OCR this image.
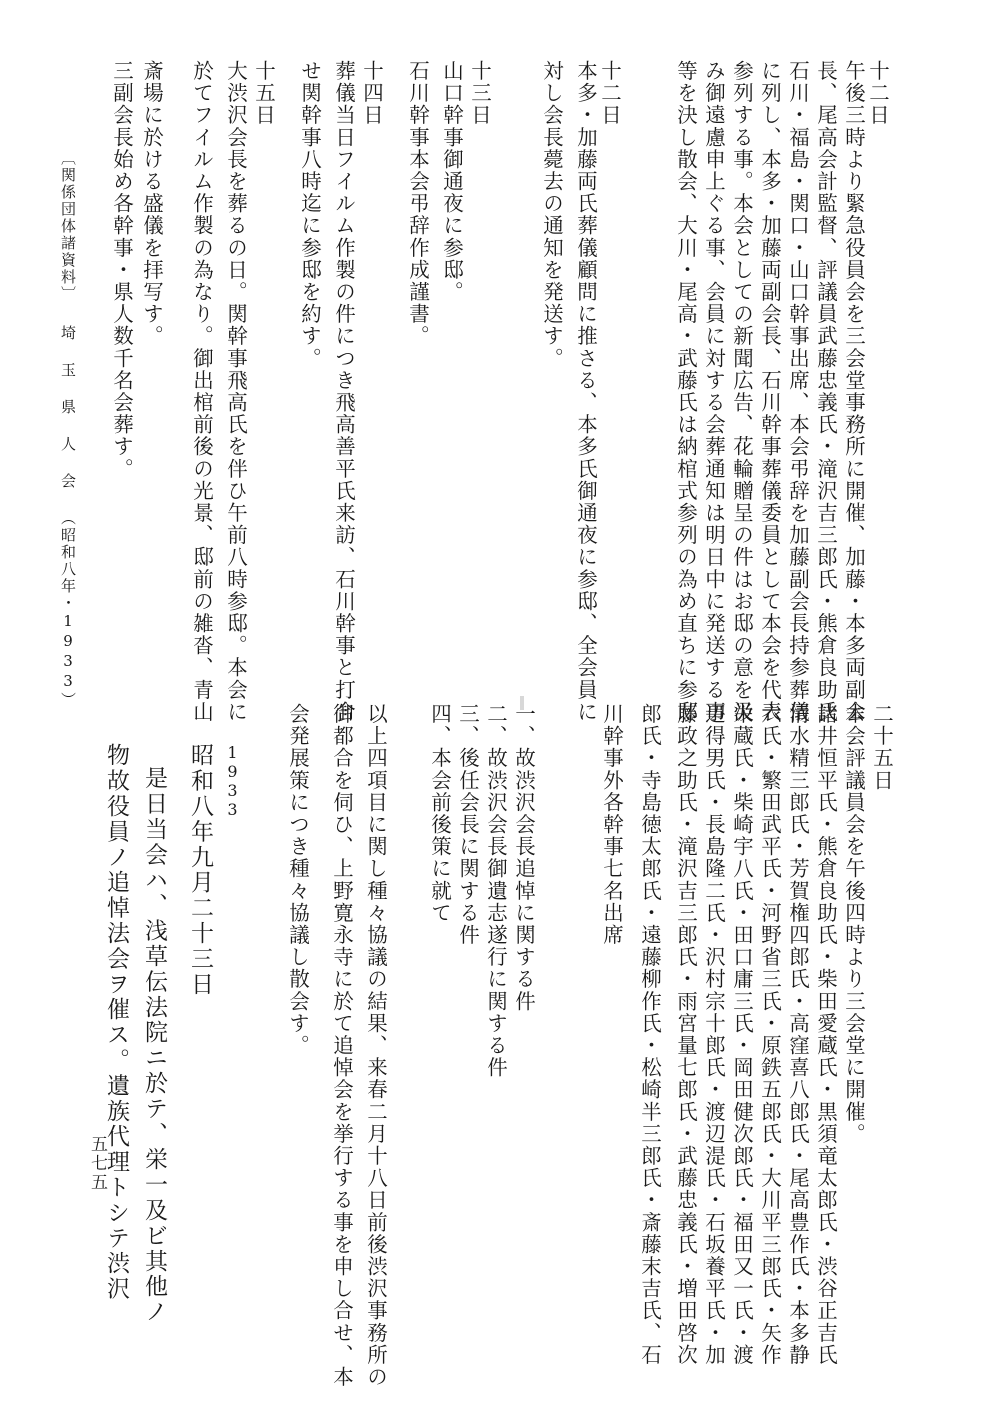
十二日
午後三時より緊急役員会を三会堂事務所に開催、加藤・本多両副会
長、尾高会計監督、評議員武藤忠義氏・滝沢吉三郎氏・熊倉良助氏
石川・福島・関口・山口幹事出席、本会弔辞を加藤副会長持参葬儀
に列し、本多・加藤両副会長、石川幹事葬儀委員として本会を代表
参列する事。本会としての新聞広告、花輪贈呈の件はお邸の意を汲
み御遠慮申上ぐる事、会員に対する会葬通知は明日中に発送する事
等を決し散会、大川・尾高・武藤氏は納棺式参列の為め直ちに参邸
十二日
本多・加藤両氏葬儀顧問に推さる、本多氏御通夜に参邸、全会員に
対し会長薨去の通知を発送す。
十三日
山口幹事御通夜に参邸。
石川幹事本会弔辞作成謹書。
十四日
葬儀当日フイルム作製の件につき飛高善平氏来訪、石川幹事と打合
せ関幹事八時迄に参邸を約す。
十五日
大渋沢会長を葬るの日。関幹事飛高氏を伴ひ午前八時参邸。本会に
於てフイルム作製の為なり。御出棺前後の光景、邸前の雑沓、青山
斎場に於ける盛儀を拝写す。
三副会長始め各幹事・県人数千名会葬す。
〔関係団体諸資料〕
埼 玉 県 人 会 （昭和八年・1933）
二十五日
本会評議員会を午後四時より三会堂に開催。
諸井恒平氏・熊倉良助氏・柴田愛蔵氏・黒須竜太郎氏・渋谷正吉氏
清水精三郎氏・芳賀権四郎氏・高窪喜八郎氏・尾高豊作氏・本多静
六氏・繁田武平氏・河野省三氏・原鉄五郎氏・大川平三郎氏・矢作
栄蔵氏・柴崎宇八氏・田口庸三氏・岡田健次郎氏・福田又一氏・渡
辺得男氏・長島隆二氏・沢村宗十郎氏・渡辺湜氏・石坂養平氏・加
藤政之助氏・滝沢吉三郎氏・雨宮量七郎氏・武藤忠義氏・増田啓次
郎氏・寺島徳太郎氏・遠藤柳作氏・松崎半三郎氏・斎藤末吉氏、石
川幹事外各幹事七名出席
一、故渋沢会長追悼に関する件
二、故渋沢会長御遺志遂行に関する件
三、後任会長に関する件
四、本会前後策に就て
以上四項目に関し種々協議の結果、来春二月十八日前後渋沢事務所の
御都合を伺ひ、上野寛永寺に於て追悼会を挙行する事を申し合せ、本
会発展策につき種々協議し散会す。
1933
昭和八年九月二十三日
是日当会ハ、浅草伝法院ニ於テ、栄一及ビ其他ノ
物故役員ノ追悼法会ヲ催ス。遺族代理トシテ渋沢
五七五
